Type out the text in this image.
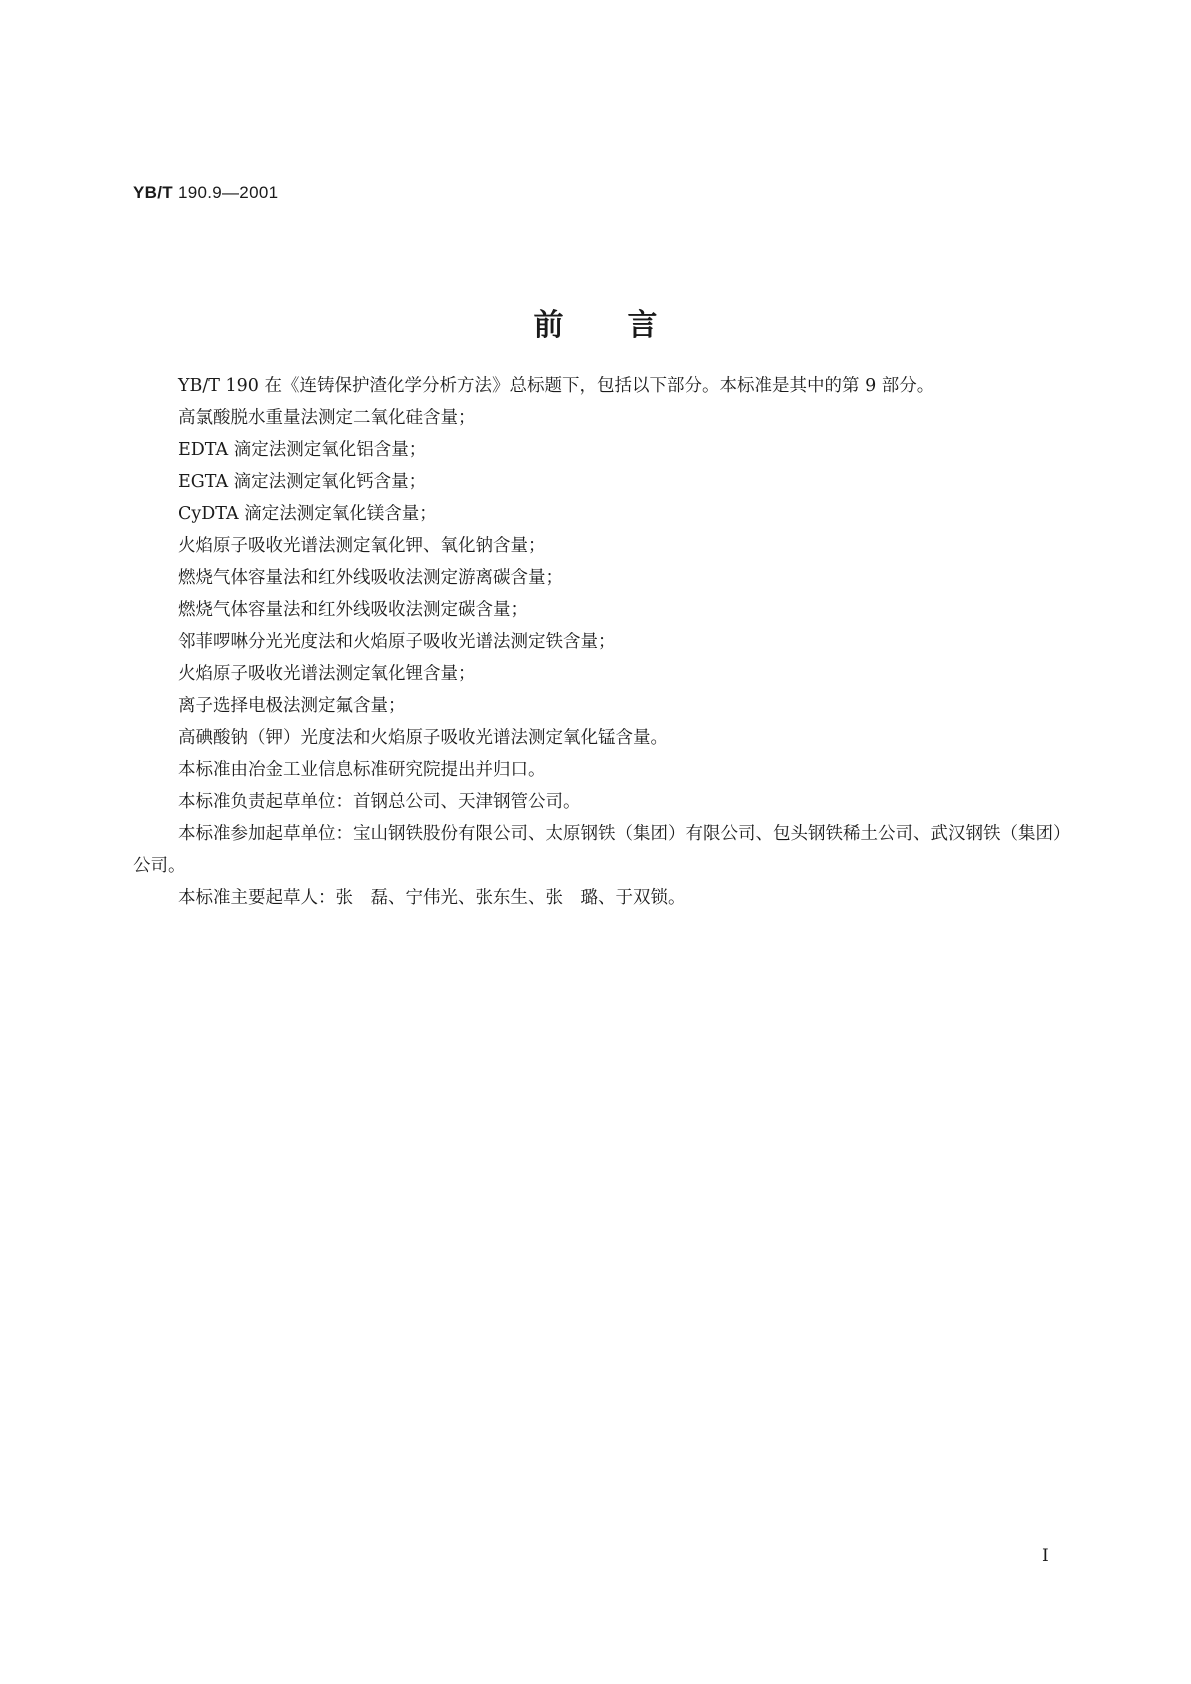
YB/T 190.9—2001
前言

YB/T 190 在《连铸保护渣化学分析方法》总标题下，包括以下部分。本标准是其中的第 9 部分。

高氯酸脱水重量法测定二氧化硅含量；

EDTA 滴定法测定氧化铝含量；

EGTA 滴定法测定氧化钙含量；

CyDTA 滴定法测定氧化镁含量；

火焰原子吸收光谱法测定氧化钾、氧化钠含量；

燃烧气体容量法和红外线吸收法测定游离碳含量；

燃烧气体容量法和红外线吸收法测定碳含量；

邻菲啰啉分光光度法和火焰原子吸收光谱法测定铁含量；

火焰原子吸收光谱法测定氧化锂含量；

离子选择电极法测定氟含量；

高碘酸钠（钾）光度法和火焰原子吸收光谱法测定氧化锰含量。

本标准由冶金工业信息标准研究院提出并归口。

本标准负责起草单位：首钢总公司、天津钢管公司。

本标准参加起草单位：宝山钢铁股份有限公司、太原钢铁（集团）有限公司、包头钢铁稀土公司、武汉钢铁（集团）公司。

本标准主要起草人：张　磊、宁伟光、张东生、张　璐、于双锁。

I
